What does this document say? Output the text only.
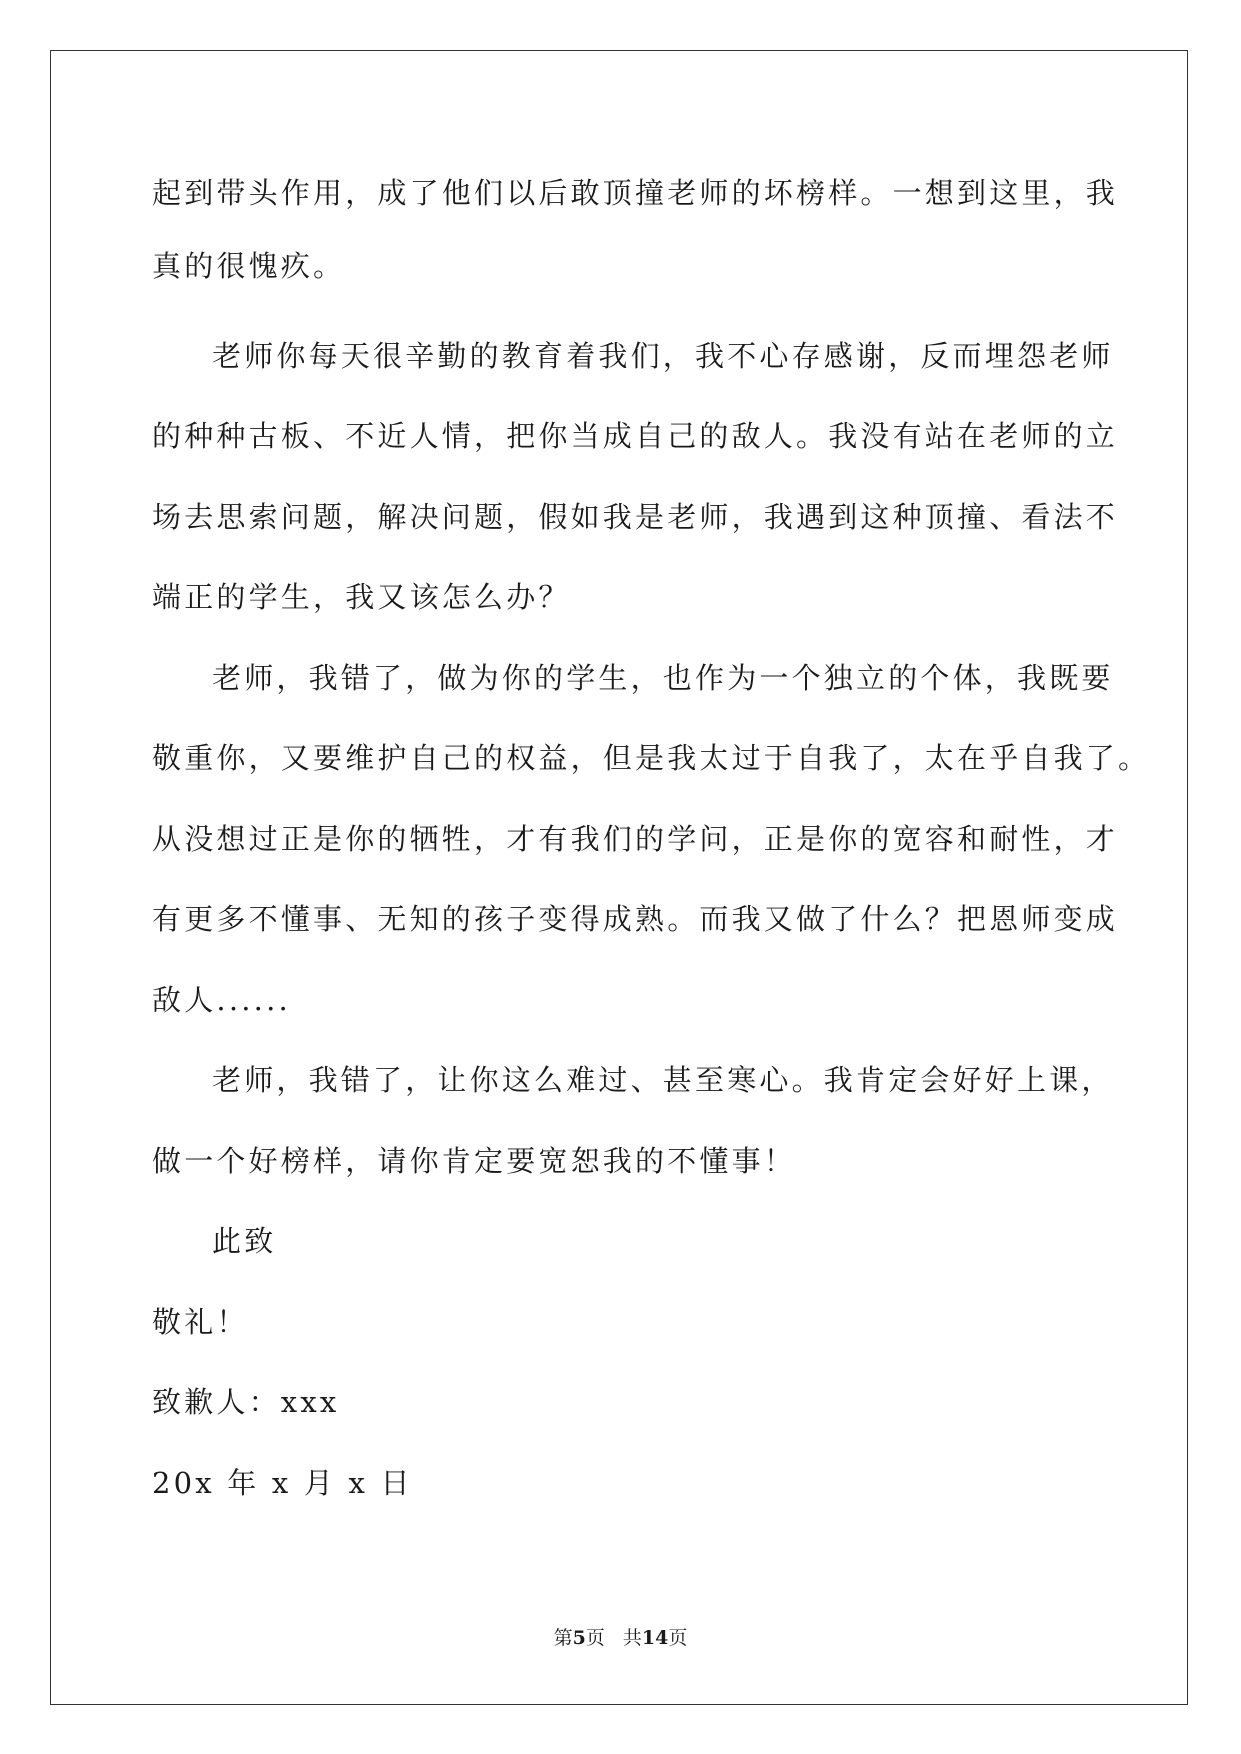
起到带头作用，成了他们以后敢顶撞老师的坏榜样。一想到这里，我
真的很愧疚。
老师你每天很辛勤的教育着我们，我不心存感谢，反而埋怨老师
的种种古板、不近人情，把你当成自己的敌人。我没有站在老师的立
场去思索问题，解决问题，假如我是老师，我遇到这种顶撞、看法不
端正的学生，我又该怎么办？
老师，我错了，做为你的学生，也作为一个独立的个体，我既要
敬重你，又要维护自己的权益，但是我太过于自我了，太在乎自我了。
从没想过正是你的牺牲，才有我们的学问，正是你的宽容和耐性，才
有更多不懂事、无知的孩子变得成熟。而我又做了什么？把恩师变成
敌人......
老师，我错了，让你这么难过、甚至寒心。我肯定会好好上课，
做一个好榜样，请你肯定要宽恕我的不懂事！
此致
敬礼！
致歉人：xxx
20x 年 x 月 x 日
第5页 共14页
